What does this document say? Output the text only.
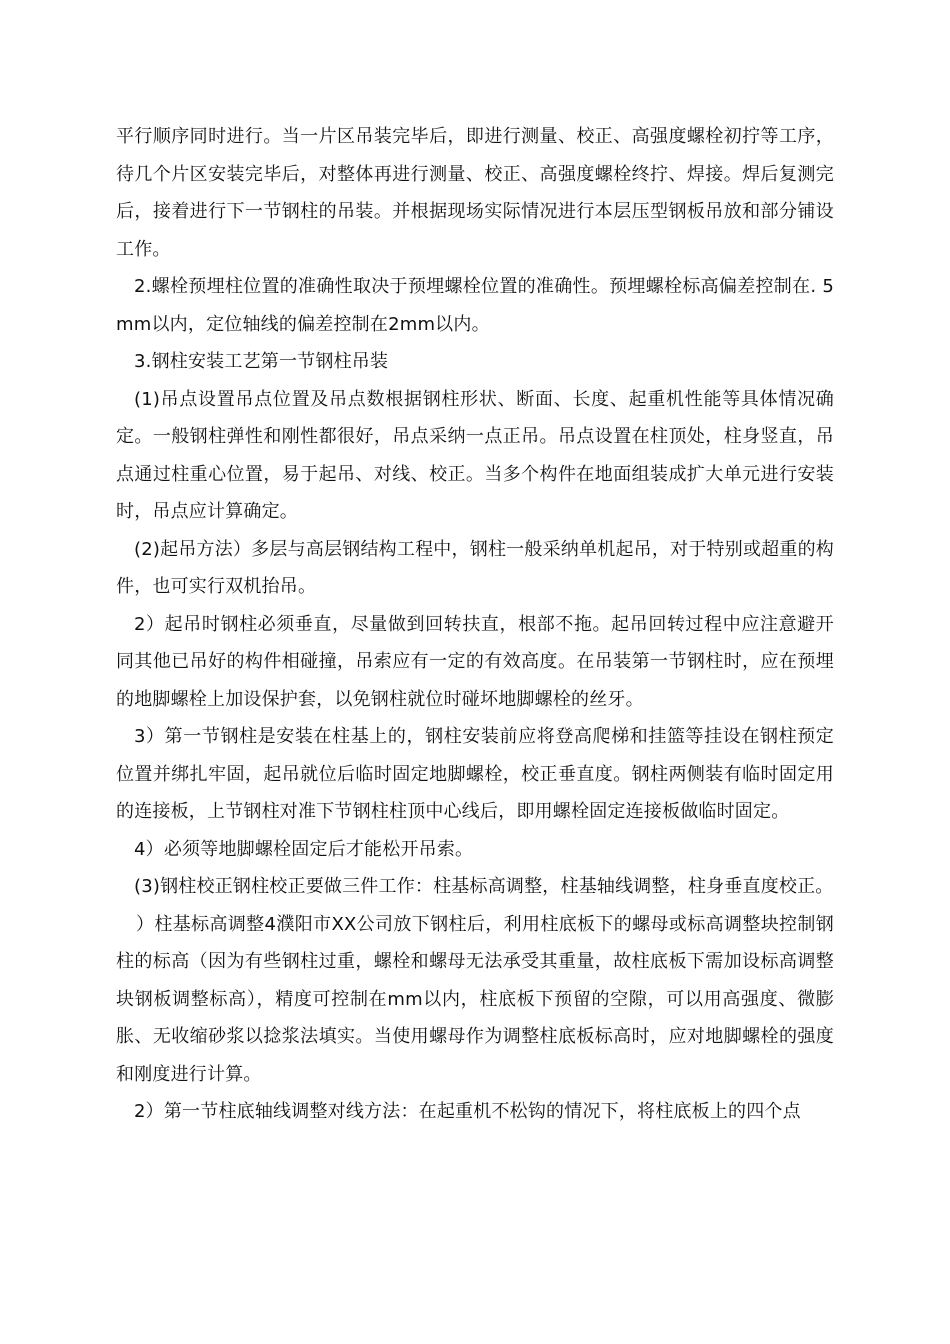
平行顺序同时进行。当一片区吊装完毕后，即进行测量、校正、高强度螺栓初拧等工序，待几个片区安装完毕后，对整体再进行测量、校正、高强度螺栓终拧、焊接。焊后复测完后，接着进行下一节钢柱的吊装。并根据现场实际情况进行本层压型钢板吊放和部分铺设工作。

2.螺栓预埋柱位置的准确性取决于预埋螺栓位置的准确性。预埋螺栓标高偏差控制在. 5mm以内，定位轴线的偏差控制在2mm以内。

3.钢柱安装工艺第一节钢柱吊装

(1)吊点设置吊点位置及吊点数根据钢柱形状、断面、长度、起重机性能等具体情况确定。一般钢柱弹性和刚性都很好，吊点采纳一点正吊。吊点设置在柱顶处，柱身竖直，吊点通过柱重心位置，易于起吊、对线、校正。当多个构件在地面组装成扩大单元进行安装时，吊点应计算确定。

(2)起吊方法）多层与高层钢结构工程中，钢柱一般采纳单机起吊，对于特别或超重的构件，也可实行双机抬吊。

2）起吊时钢柱必须垂直，尽量做到回转扶直，根部不拖。起吊回转过程中应注意避开同其他已吊好的构件相碰撞，吊索应有一定的有效高度。在吊装第一节钢柱时，应在预埋的地脚螺栓上加设保护套，以免钢柱就位时碰坏地脚螺栓的丝牙。

3）第一节钢柱是安装在柱基上的，钢柱安装前应将登高爬梯和挂篮等挂设在钢柱预定位置并绑扎牢固，起吊就位后临时固定地脚螺栓，校正垂直度。钢柱两侧装有临时固定用的连接板，上节钢柱对准下节钢柱柱顶中心线后，即用螺栓固定连接板做临时固定。

4）必须等地脚螺栓固定后才能松开吊索。

(3)钢柱校正钢柱校正要做三件工作：柱基标高调整，柱基轴线调整，柱身垂直度校正。

）柱基标高调整4濮阳市XX公司放下钢柱后，利用柱底板下的螺母或标高调整块控制钢柱的标高（因为有些钢柱过重，螺栓和螺母无法承受其重量，故柱底板下需加设标高调整块钢板调整标高），精度可控制在mm以内，柱底板下预留的空隙，可以用高强度、微膨胀、无收缩砂浆以捻浆法填实。当使用螺母作为调整柱底板标高时，应对地脚螺栓的强度和刚度进行计算。

2）第一节柱底轴线调整对线方法：在起重机不松钩的情况下，将柱底板上的四个点
